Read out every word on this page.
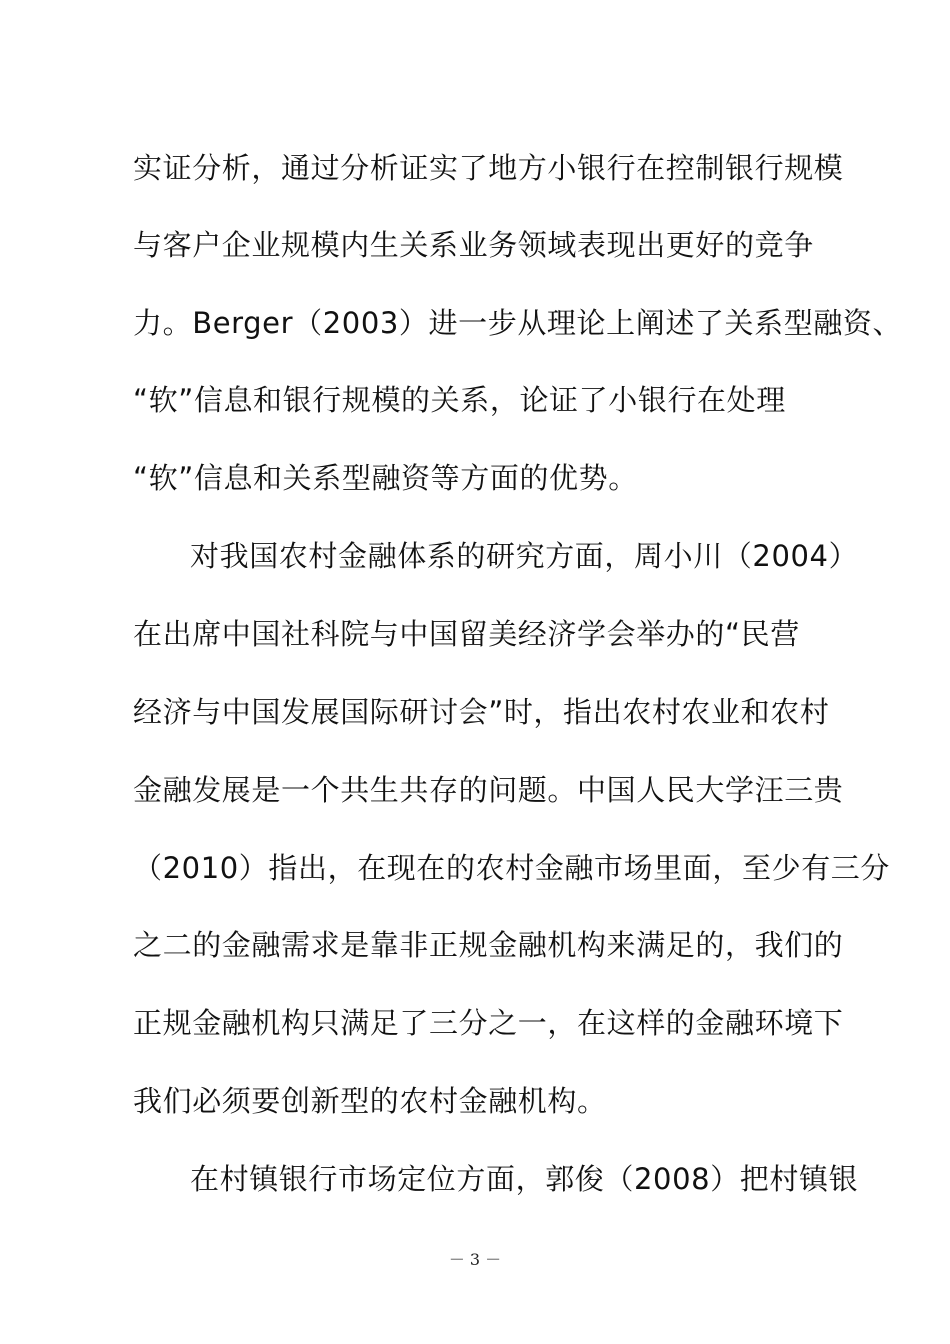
实证分析，通过分析证实了地方小银行在控制银行规模
与客户企业规模内生关系业务领域表现出更好的竞争
力。Berger（2003）进一步从理论上阐述了关系型融资、
“软”信息和银行规模的关系，论证了小银行在处理
“软”信息和关系型融资等方面的优势。
对我国农村金融体系的研究方面，周小川（2004）
在出席中国社科院与中国留美经济学会举办的“民营
经济与中国发展国际研讨会”时，指出农村农业和农村
金融发展是一个共生共存的问题。中国人民大学汪三贵
（2010）指出，在现在的农村金融市场里面，至少有三分
之二的金融需求是靠非正规金融机构来满足的，我们的
正规金融机构只满足了三分之一，在这样的金融环境下
我们必须要创新型的农村金融机构。
在村镇银行市场定位方面，郭俊（2008）把村镇银
－ 3 －
